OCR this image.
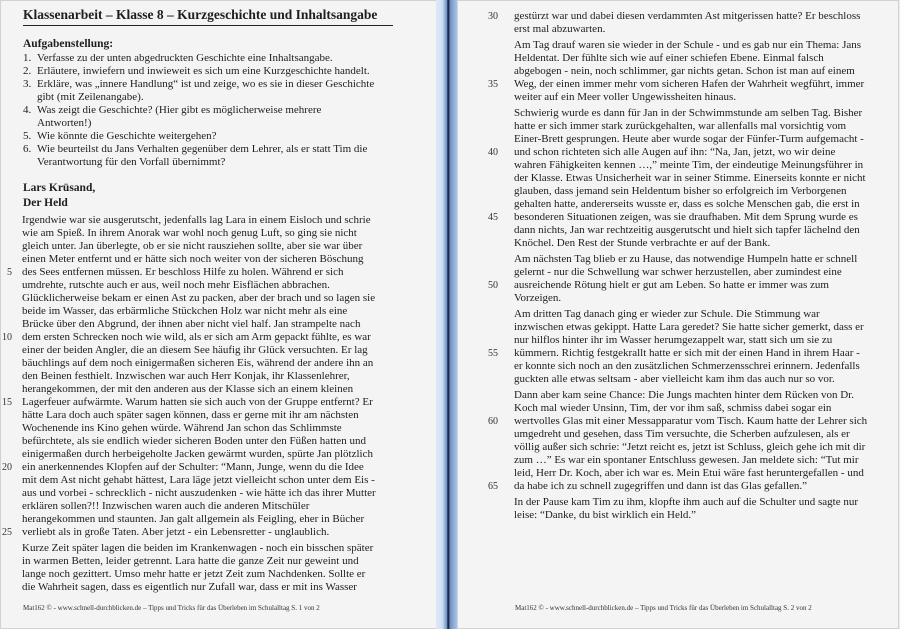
Klassenarbeit – Klasse 8 – Kurzgeschichte und Inhaltsangabe
Aufgabenstellung:
1. Verfasse zu der unten abgedruckten Geschichte eine Inhaltsangabe.
2. Erläutere, inwiefern und inwieweit es sich um eine Kurzgeschichte handelt.
3. Erkläre, was „innere Handlung“ ist und zeige, wo es sie in dieser Geschichte gibt (mit Zeilenangabe).
4. Was zeigt die Geschichte? (Hier gibt es möglicherweise mehrere Antworten!)
5. Wie könnte die Geschichte weitergehen?
6. Wie beurteilst du Jans Verhalten gegenüber dem Lehrer, als er statt Tim die Verantwortung für den Vorfall übernimmt?
Lars Krüsand,
Der Held
Mat162 © - www.schnell-durchblicken.de – Tipps und Tricks für das Überleben im Schulalltag S. 1 von 2	Mat162 © - www.schnell-durchblicken.de – Tipps und Tricks für das Überleben im Schulalltag S. 2 von 2
Irgendwie war sie ausgerutscht, jedenfalls lag Lara in einem Eisloch und schrie
wie am Spieß. In ihrem Anorak war wohl noch genug Luft, so ging sie nicht
gleich unter. Jan überlegte, ob er sie nicht rausziehen sollte, aber sie war über
einen Meter entfernt und er hätte sich noch weiter von der sicheren Böschung
5 des Sees entfernen müssen. Er beschloss Hilfe zu holen. Während er sich
umdrehte, rutschte auch er aus, weil noch mehr Eisflächen abbrachen.
Glücklicherweise bekam er einen Ast zu packen, aber der brach und so lagen sie
beide im Wasser, das erbärmliche Stückchen Holz war nicht mehr als eine
Brücke über den Abgrund, der ihnen aber nicht viel half. Jan strampelte nach
10 dem ersten Schrecken noch wie wild, als er sich am Arm gepackt fühlte, es war
einer der beiden Angler, die an diesem See häufig ihr Glück versuchten. Er lag
bäuchlings auf dem noch einigermaßen sicheren Eis, während der andere ihn an
den Beinen festhielt. Inzwischen war auch Herr Konjak, ihr Klassenlehrer,
herangekommen, der mit den anderen aus der Klasse sich an einem kleinen
15 Lagerfeuer aufwärmte. Warum hatten sie sich auch von der Gruppe entfernt? Er
hätte Lara doch auch später sagen können, dass er gerne mit ihr am nächsten
Wochenende ins Kino gehen würde. Während Jan schon das Schlimmste
befürchtete, als sie endlich wieder sicheren Boden unter den Füßen hatten und
einigermaßen durch herbeigeholte Jacken gewärmt wurden, spürte Jan plötzlich
20 ein anerkennendes Klopfen auf der Schulter: “Mann, Junge, wenn du die Idee
mit dem Ast nicht gehabt hättest, Lara läge jetzt vielleicht schon unter dem Eis -
aus und vorbei - schrecklich - nicht auszudenken - wie hätte ich das ihrer Mutter
erklären sollen?!! Inzwischen waren auch die anderen Mitschüler
herangekommen und staunten. Jan galt allgemein als Feigling, eher in Bücher
25 verliebt als in große Taten. Aber jetzt - ein Lebensretter - unglaublich.
Kurze Zeit später lagen die beiden im Krankenwagen - noch ein bisschen später
in warmen Betten, leider getrennt. Lara hatte die ganze Zeit nur geweint und
lange noch gezittert. Umso mehr hatte er jetzt Zeit zum Nachdenken. Sollte er
die Wahrheit sagen, dass es eigentlich nur Zufall war, dass er mit ins Wasser
30 gestürzt war und dabei diesen verdammten Ast mitgerissen hatte? Er beschloss
erst mal abzuwarten.
Am Tag drauf waren sie wieder in der Schule - und es gab nur ein Thema: Jans
Heldentat. Der fühlte sich wie auf einer schiefen Ebene. Einmal falsch
abgebogen - nein, noch schlimmer, gar nichts getan. Schon ist man auf einem
35 Weg, der einen immer mehr vom sicheren Hafen der Wahrheit wegführt, immer
weiter auf ein Meer voller Ungewissheiten hinaus.
Schwierig wurde es dann für Jan in der Schwimmstunde am selben Tag. Bisher
hatte er sich immer stark zurückgehalten, war allenfalls mal vorsichtig vom
Einer-Brett gesprungen. Heute aber wurde sogar der Fünfer-Turm aufgemacht -
40 und schon richteten sich alle Augen auf ihn: “Na, Jan, jetzt, wo wir deine
wahren Fähigkeiten kennen …,” meinte Tim, der eindeutige Meinungsführer in
der Klasse. Etwas Unsicherheit war in seiner Stimme. Einerseits konnte er nicht
glauben, dass jemand sein Heldentum bisher so erfolgreich im Verborgenen
gehalten hatte, andererseits wusste er, dass es solche Menschen gab, die erst in
45 besonderen Situationen zeigen, was sie draufhaben. Mit dem Sprung wurde es
dann nichts, Jan war rechtzeitig ausgerutscht und hielt sich tapfer lächelnd den
Knöchel. Den Rest der Stunde verbrachte er auf der Bank.
Am nächsten Tag blieb er zu Hause, das notwendige Humpeln hatte er schnell
gelernt - nur die Schwellung war schwer herzustellen, aber zumindest eine
50 ausreichende Rötung hielt er gut am Leben. So hatte er immer was zum
Vorzeigen.
Am dritten Tag danach ging er wieder zur Schule. Die Stimmung war
inzwischen etwas gekippt. Hatte Lara geredet? Sie hatte sicher gemerkt, dass er
nur hilflos hinter ihr im Wasser herumgezappelt war, statt sich um sie zu
55 kümmern. Richtig festgekrallt hatte er sich mit der einen Hand in ihrem Haar -
er konnte sich noch an den zusätzlichen Schmerzensschrei erinnern. Jedenfalls
guckten alle etwas seltsam - aber vielleicht kam ihm das auch nur so vor.
Dann aber kam seine Chance: Die Jungs machten hinter dem Rücken von Dr.
Koch mal wieder Unsinn, Tim, der vor ihm saß, schmiss dabei sogar ein
60 wertvolles Glas mit einer Messapparatur vom Tisch. Kaum hatte der Lehrer sich
umgedreht und gesehen, dass Tim versuchte, die Scherben aufzulesen, als er
völlig außer sich schrie: “Jetzt reicht es, jetzt ist Schluss, gleich gehe ich mit dir
zum …” Es war ein spontaner Entschluss gewesen. Jan meldete sich: “Tut mir
leid, Herr Dr. Koch, aber ich war es. Mein Etui wäre fast heruntergefallen - und
65 da habe ich zu schnell zugegriffen und dann ist das Glas gefallen.”
In der Pause kam Tim zu ihm, klopfte ihm auch auf die Schulter und sagte nur
leise: “Danke, du bist wirklich ein Held.”
